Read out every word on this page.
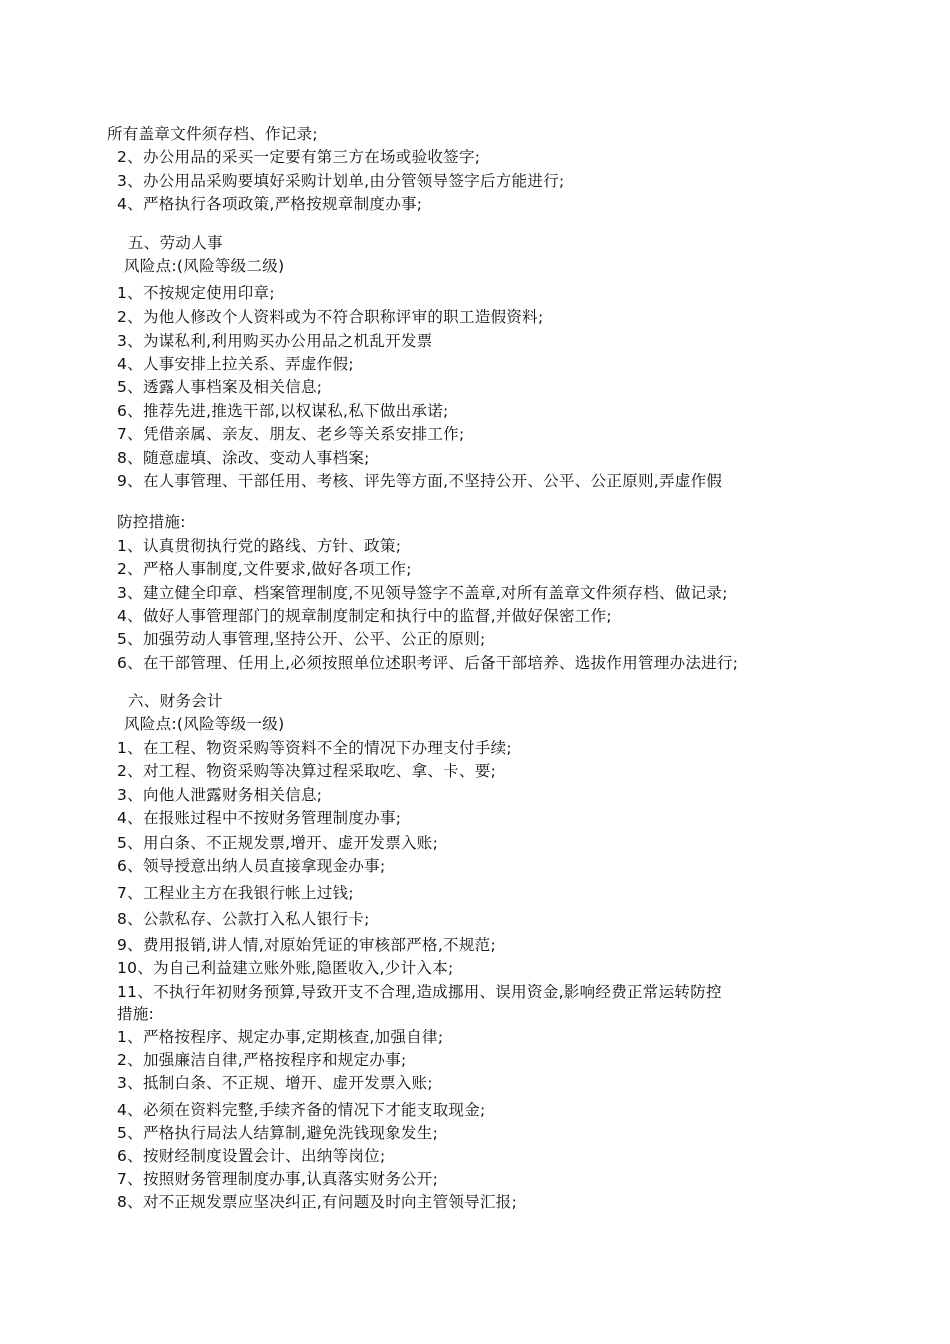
所有盖章文件须存档、作记录;
2、办公用品的采买一定要有第三方在场或验收签字;
3、办公用品采购要填好采购计划单,由分管领导签字后方能进行;
4、严格执行各项政策,严格按规章制度办事;
五、劳动人事
风险点:(风险等级二级)
1、不按规定使用印章;
2、为他人修改个人资料或为不符合职称评审的职工造假资料;
3、为谋私利,利用购买办公用品之机乱开发票
4、人事安排上拉关系、弄虚作假;
5、透露人事档案及相关信息;
6、推荐先进,推选干部,以权谋私,私下做出承诺;
7、凭借亲属、亲友、朋友、老乡等关系安排工作;
8、随意虚填、涂改、变动人事档案;
9、在人事管理、干部任用、考核、评先等方面,不坚持公开、公平、公正原则,弄虚作假
防控措施:
1、认真贯彻执行党的路线、方针、政策;
2、严格人事制度,文件要求,做好各项工作;
3、建立健全印章、档案管理制度,不见领导签字不盖章,对所有盖章文件须存档、做记录;
4、做好人事管理部门的规章制度制定和执行中的监督,并做好保密工作;
5、加强劳动人事管理,坚持公开、公平、公正的原则;
6、在干部管理、任用上,必须按照单位述职考评、后备干部培养、选拔作用管理办法进行;
六、财务会计
风险点:(风险等级一级)
1、在工程、物资采购等资料不全的情况下办理支付手续;
2、对工程、物资采购等决算过程采取吃、拿、卡、要;
3、向他人泄露财务相关信息;
4、在报账过程中不按财务管理制度办事;
5、用白条、不正规发票,增开、虚开发票入账;
6、领导授意出纳人员直接拿现金办事;
7、工程业主方在我银行帐上过钱;
8、公款私存、公款打入私人银行卡;
9、费用报销,讲人情,对原始凭证的审核部严格,不规范;
10、为自己利益建立账外账,隐匿收入,少计入本;
11、不执行年初财务预算,导致开支不合理,造成挪用、误用资金,影响经费正常运转防控
措施:
1、严格按程序、规定办事,定期核查,加强自律;
2、加强廉洁自律,严格按程序和规定办事;
3、抵制白条、不正规、增开、虚开发票入账;
4、必须在资料完整,手续齐备的情况下才能支取现金;
5、严格执行局法人结算制,避免洗钱现象发生;
6、按财经制度设置会计、出纳等岗位;
7、按照财务管理制度办事,认真落实财务公开;
8、对不正规发票应坚决纠正,有问题及时向主管领导汇报;
